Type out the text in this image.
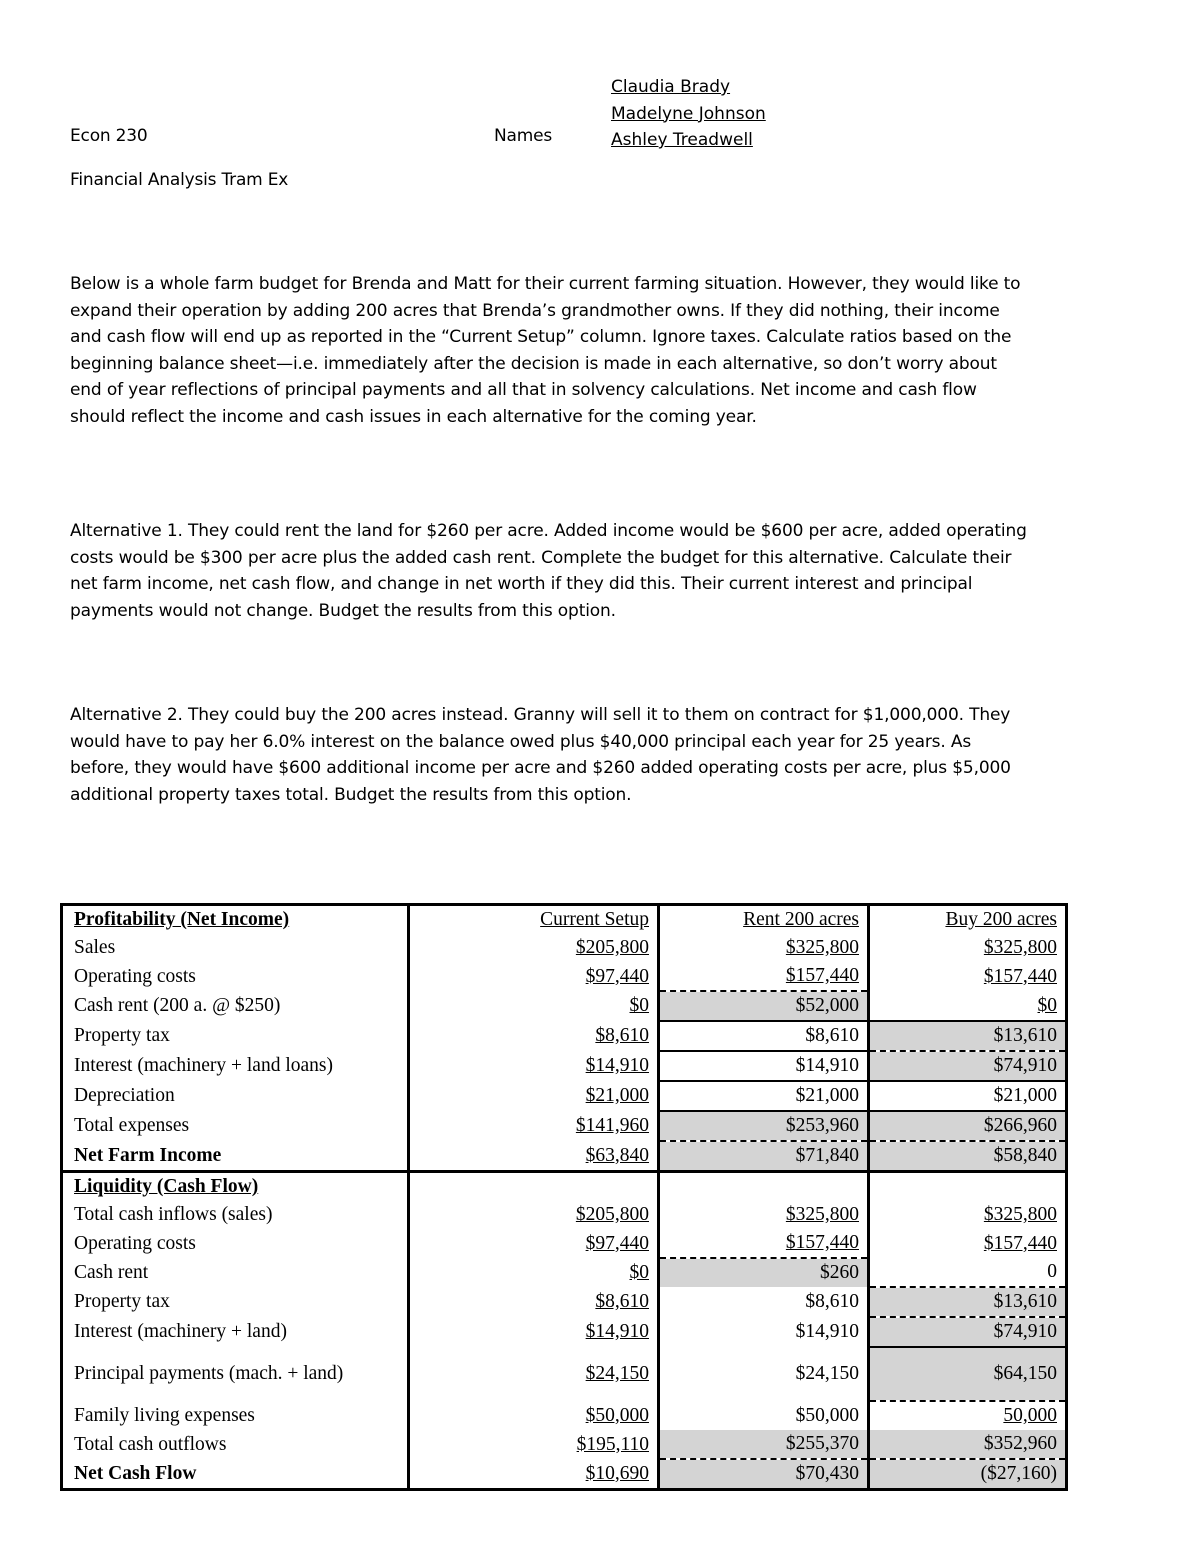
Econ 230	Names
Claudia Brady
Madelyne Johnson
Ashley Treadwell
Financial Analysis Tram Ex

Below is a whole farm budget for Brenda and Matt for their current farming situation. However, they would like to expand their operation by adding 200 acres that Brenda’s grandmother owns. If they did nothing, their income and cash flow will end up as reported in the “Current Setup” column. Ignore taxes. Calculate ratios based on the beginning balance sheet—i.e. immediately after the decision is made in each alternative, so don’t worry about end of year reflections of principal payments and all that in solvency calculations. Net income and cash flow should reflect the income and cash issues in each alternative for the coming year.

Alternative 1. They could rent the land for $260 per acre. Added income would be $600 per acre, added operating costs would be $300 per acre plus the added cash rent. Complete the budget for this alternative. Calculate their net farm income, net cash flow, and change in net worth if they did this. Their current interest and principal payments would not change. Budget the results from this option.

Alternative 2. They could buy the 200 acres instead. Granny will sell it to them on contract for $1,000,000. They would have to pay her 6.0% interest on the balance owed plus $40,000 principal each year for 25 years. As before, they would have $600 additional income per acre and $260 added operating costs per acre, plus $5,000 additional property taxes total. Budget the results from this option.

Profitability (Net Income)	Current Setup	Rent 200 acres	Buy 200 acres
Sales	$205,800	$325,800	$325,800
Operating costs	$97,440	$157,440	$157,440
Cash rent (200 a. @ $250)	$0	$52,000	$0
Property tax	$8,610	$8,610	$13,610
Interest (machinery + land loans)	$14,910	$14,910	$74,910
Depreciation	$21,000	$21,000	$21,000
Total expenses	$141,960	$253,960	$266,960
Net Farm Income	$63,840	$71,840	$58,840
Liquidity (Cash Flow)			
Total cash inflows (sales)	$205,800	$325,800	$325,800
Operating costs	$97,440	$157,440	$157,440
Cash rent	$0	$260	0
Property tax	$8,610	$8,610	$13,610
Interest (machinery + land)	$14,910	$14,910	$74,910
Principal payments (mach. + land)	$24,150	$24,150	$64,150
Family living expenses	$50,000	$50,000	50,000
Total cash outflows	$195,110	$255,370	$352,960
Net Cash Flow	$10,690	$70,430	($27,160)
